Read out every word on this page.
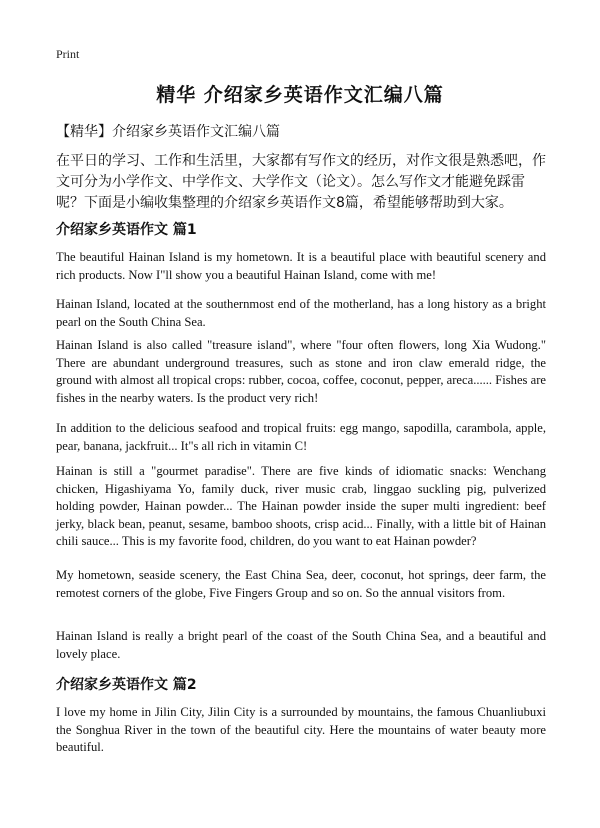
Print
精华 介绍家乡英语作文汇编八篇
【精华】介绍家乡英语作文汇编八篇
在平日的学习、工作和生活里，大家都有写作文的经历，对作文很是熟悉吧，作文可分为小学作文、中学作文、大学作文（论文）。怎么写作文才能避免踩雷呢？下面是小编收集整理的介绍家乡英语作文8篇，希望能够帮助到大家。
介绍家乡英语作文 篇1
The beautiful Hainan Island is my hometown. It is a beautiful place with beautiful scenery and rich products. Now I"ll show you a beautiful Hainan Island, come with me!
Hainan Island, located at the southernmost end of the motherland, has a long history as a bright pearl on the South China Sea.
Hainan Island is also called "treasure island", where "four often flowers, long Xia Wudong." There are abundant underground treasures, such as stone and iron claw emerald ridge, the ground with almost all tropical crops: rubber, cocoa, coffee, coconut, pepper, areca...... Fishes are fishes in the nearby waters. Is the product very rich!
In addition to the delicious seafood and tropical fruits: egg mango, sapodilla, carambola, apple, pear, banana, jackfruit... It"s all rich in vitamin C!
Hainan is still a "gourmet paradise". There are five kinds of idiomatic snacks: Wenchang chicken, Higashiyama Yo, family duck, river music crab, linggao suckling pig, pulverized holding powder, Hainan powder... The Hainan powder inside the super multi ingredient: beef jerky, black bean, peanut, sesame, bamboo shoots, crisp acid... Finally, with a little bit of Hainan chili sauce... This is my favorite food, children, do you want to eat Hainan powder?
My hometown, seaside scenery, the East China Sea, deer, coconut, hot springs, deer farm, the remotest corners of the globe, Five Fingers Group and so on. So the annual visitors from.
Hainan Island is really a bright pearl of the coast of the South China Sea, and a beautiful and lovely place.
介绍家乡英语作文 篇2
I love my home in Jilin City, Jilin City is a surrounded by mountains, the famous Chuanliubuxi the Songhua River in the town of the beautiful city. Here the mountains of water beauty more beautiful.
